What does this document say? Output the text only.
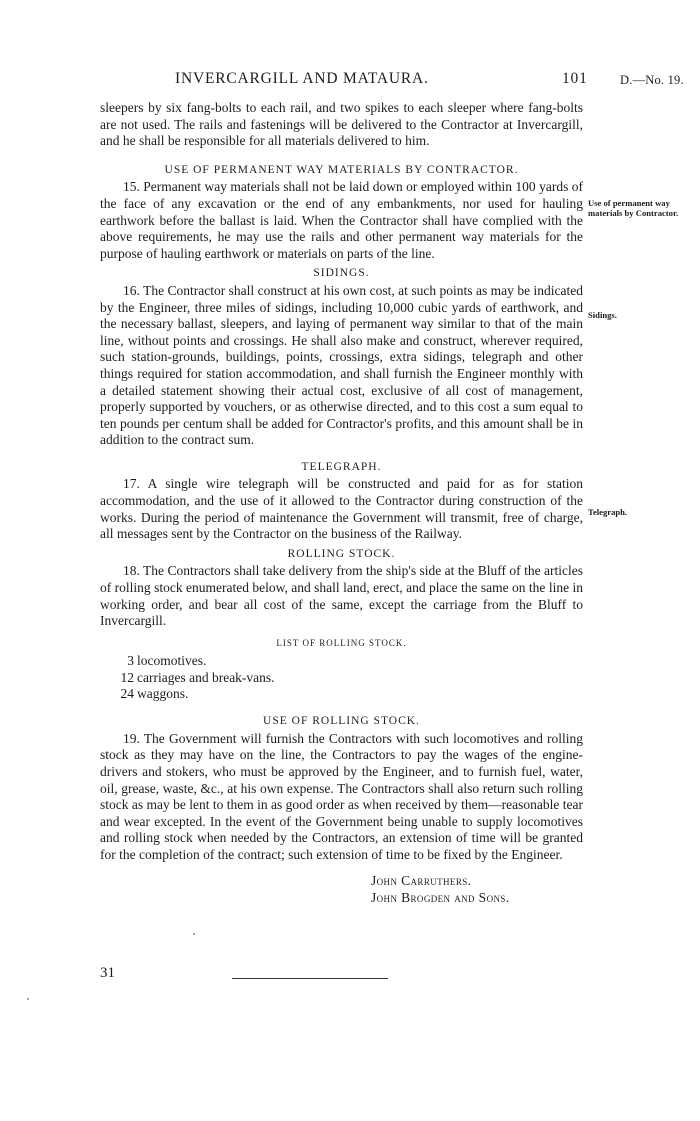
INVERCARGILL AND MATAURA.	101	D.—No. 19.

sleepers by six fang-bolts to each rail, and two spikes to each sleeper where fang-bolts are not used. The rails and fastenings will be delivered to the Contractor at Invercargill, and he shall be responsible for all materials delivered to him.

USE OF PERMANENT WAY MATERIALS BY CONTRACTOR.

15. Permanent way materials shall not be laid down or employed within 100 yards of the face of any excavation or the end of any embankments, nor used for hauling earthwork before the ballast is laid. When the Contractor shall have complied with the above requirements, he may use the rails and other permanent way materials for the purpose of hauling earthwork or materials on parts of the line.

SIDINGS.

16. The Contractor shall construct at his own cost, at such points as may be indicated by the Engineer, three miles of sidings, including 10,000 cubic yards of earthwork, and the necessary ballast, sleepers, and laying of permanent way similar to that of the main line, without points and crossings. He shall also make and construct, wherever required, such station-grounds, buildings, points, crossings, extra sidings, telegraph and other things required for station accommodation, and shall furnish the Engineer monthly with a detailed statement showing their actual cost, exclusive of all cost of management, properly supported by vouchers, or as otherwise directed, and to this cost a sum equal to ten pounds per centum shall be added for Contractor's profits, and this amount shall be in addition to the contract sum.

TELEGRAPH.

17. A single wire telegraph will be constructed and paid for as for station accommodation, and the use of it allowed to the Contractor during construction of the works. During the period of maintenance the Government will transmit, free of charge, all messages sent by the Contractor on the business of the Railway.

ROLLING STOCK.

18. The Contractors shall take delivery from the ship's side at the Bluff of the articles of rolling stock enumerated below, and shall land, erect, and place the same on the line in working order, and bear all cost of the same, except the carriage from the Bluff to Invercargill.

LIST OF ROLLING STOCK.
3 locomotives.
12 carriages and break-vans.
24 waggons.
USE OF ROLLING STOCK.

19. The Government will furnish the Contractors with such locomotives and rolling stock as they may have on the line, the Contractors to pay the wages of the engine-drivers and stokers, who must be approved by the Engineer, and to furnish fuel, water, oil, grease, waste, &c., at his own expense. The Contractors shall also return such rolling stock as may be lent to them in as good order as when received by them—reasonable tear and wear excepted. In the event of the Government being unable to supply locomotives and rolling stock when needed by the Contractors, an extension of time will be granted for the completion of the contract; such extension of time to be fixed by the Engineer.

John Carruthers.
John Brogden and Sons.
Use of permanent way materials by Contractor.
Sidings.
Telegraph.
31
